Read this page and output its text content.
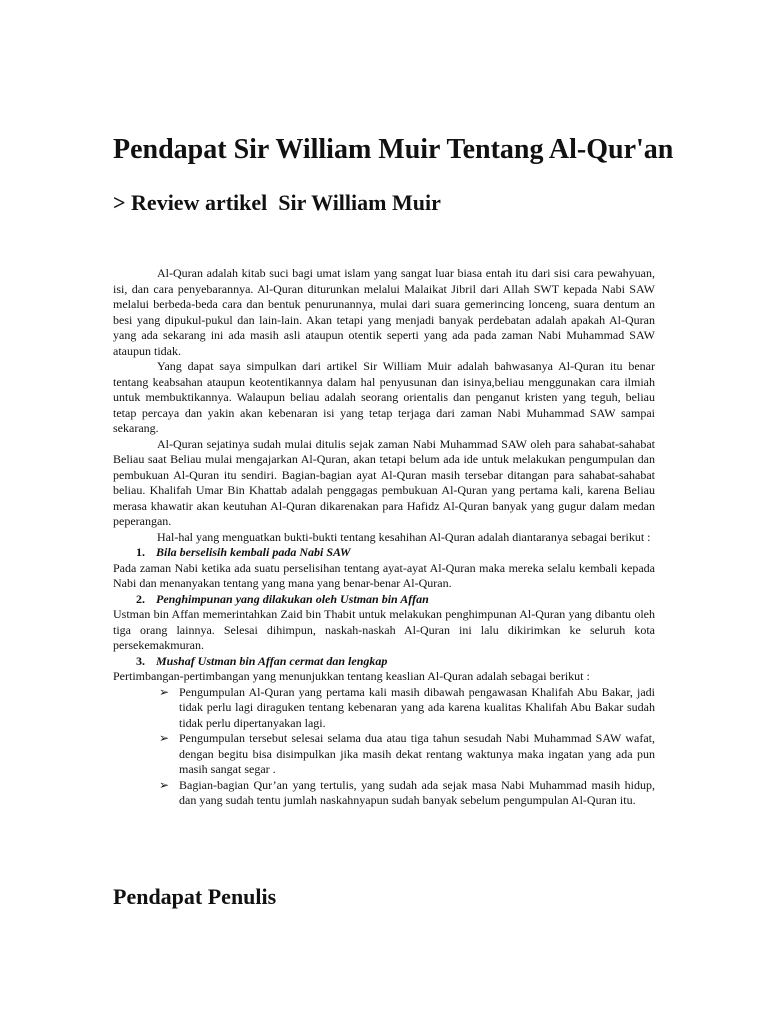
Pendapat Sir William Muir Tentang Al-Qur'an
> Review artikel  Sir William Muir

Al-Quran adalah kitab suci bagi umat islam yang sangat luar biasa entah itu dari sisi cara pewahyuan, isi, dan cara penyebarannya. Al-Quran diturunkan melalui Malaikat Jibril dari Allah SWT kepada Nabi SAW melalui berbeda-beda cara dan bentuk penurunannya, mulai dari suara gemerincing lonceng, suara dentum an besi yang dipukul-pukul dan lain-lain. Akan tetapi yang menjadi banyak perdebatan adalah apakah Al-Quran yang ada sekarang ini ada masih asli ataupun otentik seperti yang ada pada zaman Nabi Muhammad SAW ataupun tidak.

Yang dapat saya simpulkan dari artikel Sir William Muir adalah bahwasanya Al-Quran itu benar tentang keabsahan ataupun keotentikannya dalam hal penyusunan dan isinya,beliau menggunakan cara ilmiah untuk membuktikannya. Walaupun beliau adalah seorang orientalis dan penganut kristen yang teguh, beliau tetap percaya dan yakin akan kebenaran isi yang tetap terjaga dari zaman Nabi Muhammad SAW sampai sekarang.

Al-Quran sejatinya sudah mulai ditulis sejak zaman Nabi Muhammad SAW oleh para sahabat-sahabat Beliau saat Beliau mulai mengajarkan Al-Quran, akan tetapi belum ada ide untuk melakukan pengumpulan dan pembukuan Al-Quran itu sendiri. Bagian-bagian ayat Al-Quran masih tersebar ditangan para sahabat-sahabat beliau. Khalifah Umar Bin Khattab adalah penggagas pembukuan Al-Quran yang pertama kali, karena Beliau merasa khawatir akan keutuhan Al-Quran dikarenakan para Hafidz Al-Quran banyak yang gugur dalam medan peperangan.

Hal-hal yang menguatkan bukti-bukti tentang kesahihan Al-Quran adalah diantaranya sebagai berikut :

1. Bila berselisih kembali pada Nabi SAW

Pada zaman Nabi ketika ada suatu perselisihan tentang ayat-ayat Al-Quran maka mereka selalu kembali kepada Nabi dan menanyakan tentang yang mana yang benar-benar Al-Quran.

2. Penghimpunan yang dilakukan oleh Ustman bin Affan

Ustman bin Affan memerintahkan Zaid bin Thabit untuk melakukan penghimpunan Al-Quran yang dibantu oleh tiga orang lainnya. Selesai dihimpun, naskah-naskah Al-Quran ini lalu dikirimkan ke seluruh kota persekemakmuran.

3. Mushaf Ustman bin Affan cermat dan lengkap

Pertimbangan-pertimbangan yang menunjukkan tentang keaslian Al-Quran adalah sebagai berikut :

➢ Pengumpulan Al-Quran yang pertama kali masih dibawah pengawasan Khalifah Abu Bakar, jadi tidak perlu lagi diraguken tentang kebenaran yang ada karena kualitas Khalifah Abu Bakar sudah tidak perlu dipertanyakan lagi.
➢ Pengumpulan tersebut selesai selama dua atau tiga tahun sesudah Nabi Muhammad SAW wafat, dengan begitu bisa disimpulkan jika masih dekat rentang waktunya maka ingatan yang ada pun masih sangat segar .
➢ Bagian-bagian Qur’an yang tertulis, yang sudah ada sejak masa Nabi Muhammad masih hidup, dan yang sudah tentu jumlah naskahnyapun sudah banyak sebelum pengumpulan Al-Quran itu.
Pendapat Penulis
